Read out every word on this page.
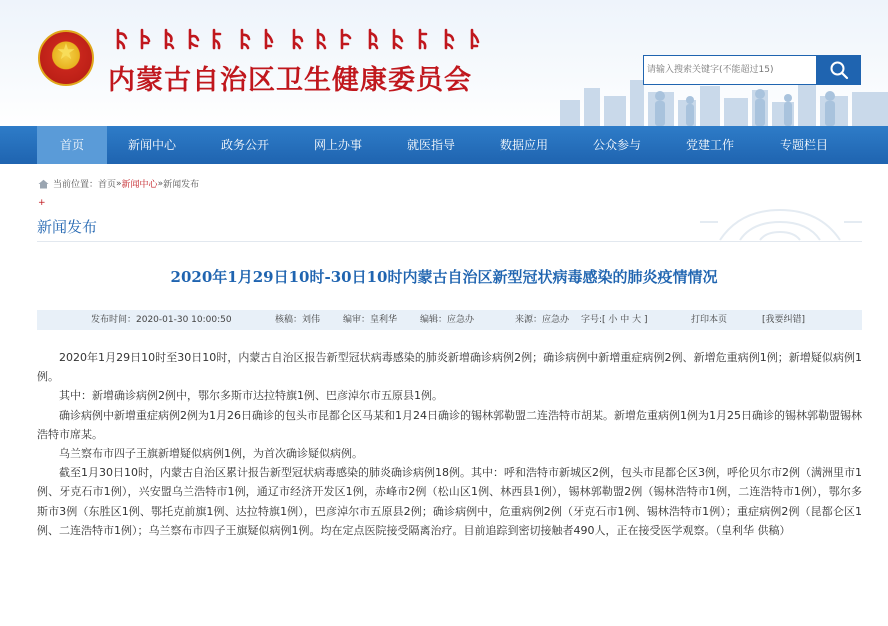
★
内蒙古自治区卫生健康委员会
请输入搜索关键字(不能超过15)
首页	新闻中心	政务公开	网上办事	就医指导	数据应用	公众参与	党建工作	专题栏目
当前位置： 首页 » 新闻中心 » 新闻发布
+
新闻发布
2020年1月29日10时-30日10时内蒙古自治区新型冠状病毒感染的肺炎疫情情况
发布时间：2020-01-30 10:00:50	核稿：刘伟	编审：皇利华	编辑：应急办	来源：应急办 字号:[ 小 中 大 ]	打印本页	[我要纠错]

2020年1月29日10时至30日10时，内蒙古自治区报告新型冠状病毒感染的肺炎新增确诊病例2例；确诊病例中新增重症病例2例、新增危重病例1例；新增疑似病例1例。

其中：新增确诊病例2例中，鄂尔多斯市达拉特旗1例、巴彦淖尔市五原县1例。

确诊病例中新增重症病例2例为1月26日确诊的包头市昆都仑区马某和1月24日确诊的锡林郭勒盟二连浩特市胡某。新增危重病例1例为1月25日确诊的锡林郭勒盟锡林浩特市席某。

乌兰察布市四子王旗新增疑似病例1例，为首次确诊疑似病例。

截至1月30日10时，内蒙古自治区累计报告新型冠状病毒感染的肺炎确诊病例18例。其中：呼和浩特市新城区2例，包头市昆都仑区3例，呼伦贝尔市2例（满洲里市1例、牙克石市1例），兴安盟乌兰浩特市1例，通辽市经济开发区1例，赤峰市2例（松山区1例、林西县1例），锡林郭勒盟2例（锡林浩特市1例，二连浩特市1例），鄂尔多斯市3例（东胜区1例、鄂托克前旗1例、达拉特旗1例），巴彦淖尔市五原县2例；确诊病例中，危重病例2例（牙克石市1例、锡林浩特市1例）；重症病例2例（昆都仑区1例、二连浩特市1例）；乌兰察布市四子王旗疑似病例1例。均在定点医院接受隔离治疗。目前追踪到密切接触者490人，正在接受医学观察。（皇利华 供稿）
